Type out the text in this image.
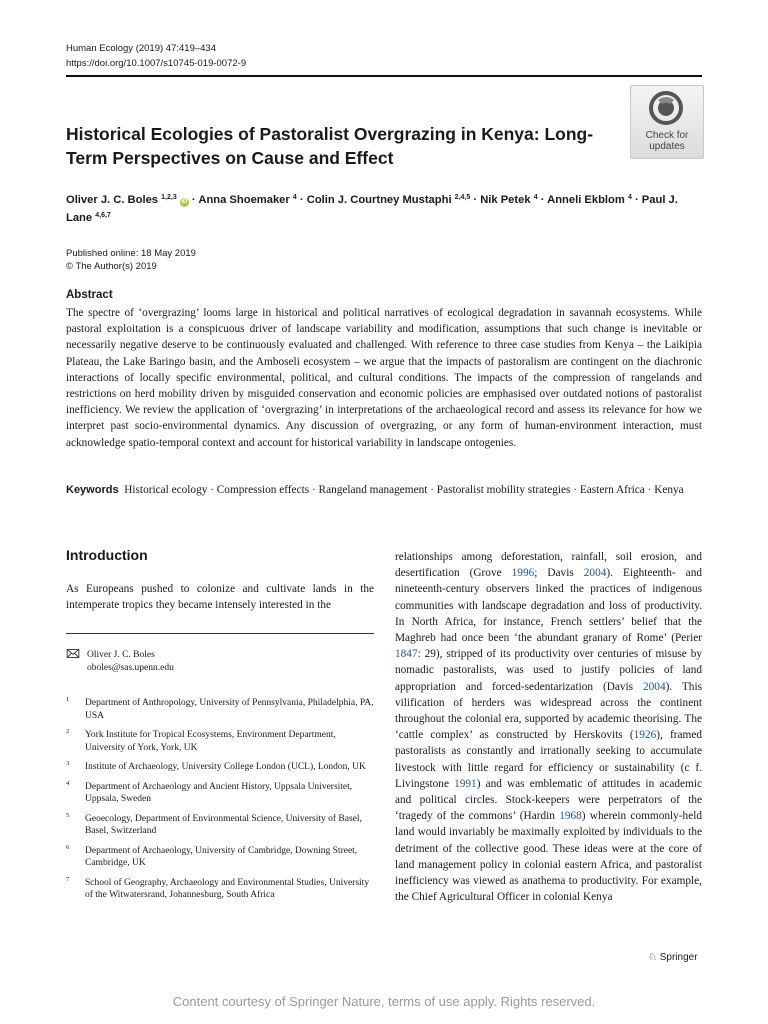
Human Ecology (2019) 47:419–434
https://doi.org/10.1007/s10745-019-0072-9
Check for
updates
Historical Ecologies of Pastoralist Overgrazing in Kenya: Long-Term Perspectives on Cause and Effect
Oliver J. C. Boles $^{1,2,3}$ iD · Anna Shoemaker $^4$ · Colin J. Courtney Mustaphi $^{2,4,5}$ · Nik Petek $^4$ · Anneli Ekblom $^4$ · Paul J. Lane $^{4,6,7}$
Published online: 18 May 2019
© The Author(s) 2019
Abstract
The spectre of ‘overgrazing’ looms large in historical and political narratives of ecological degradation in savannah ecosystems. While pastoral exploitation is a conspicuous driver of landscape variability and modification, assumptions that such change is inevitable or necessarily negative deserve to be continuously evaluated and challenged. With reference to three case studies from Kenya – the Laikipia Plateau, the Lake Baringo basin, and the Amboseli ecosystem – we argue that the impacts of pastoralism are contingent on the diachronic interactions of locally specific environmental, political, and cultural conditions. The impacts of the compression of rangelands and restrictions on herd mobility driven by misguided conservation and economic policies are emphasised over outdated notions of pastoralist inefficiency. We review the application of ‘overgrazing’ in interpretations of the archaeological record and assess its relevance for how we interpret past socio-environmental dynamics. Any discussion of overgrazing, or any form of human-environment interaction, must acknowledge spatio-temporal context and account for historical variability in landscape ontogenies.
Keywords Historical ecology · Compression effects · Rangeland management · Pastoralist mobility strategies · Eastern Africa · Kenya
Introduction
As Europeans pushed to colonize and cultivate lands in the intemperate tropics they became intensely interested in the
Oliver J. C. Boles
oboles@sas.upenn.edu
1 Department of Anthropology, University of Pennsylvania, Philadelphia, PA, USA
2 York Institute for Tropical Ecosystems, Environment Department, University of York, York, UK
3 Institute of Archaeology, University College London (UCL), London, UK
4 Department of Archaeology and Ancient History, Uppsala Universitet, Uppsala, Sweden
5 Geoecology, Department of Environmental Science, University of Basel, Basel, Switzerland
6 Department of Archaeology, University of Cambridge, Downing Street, Cambridge, UK
7 School of Geography, Archaeology and Environmental Studies, University of the Witwatersrand, Johannesburg, South Africa
relationships among deforestation, rainfall, soil erosion, and desertification (Grove 1996; Davis 2004). Eighteenth- and nineteenth-century observers linked the practices of indigenous communities with landscape degradation and loss of productivity. In North Africa, for instance, French settlers’ belief that the Maghreb had once been ‘the abundant granary of Rome’ (Perier 1847: 29), stripped of its productivity over centuries of misuse by nomadic pastoralists, was used to justify policies of land appropriation and forced-sedentarization (Davis 2004). This vilification of herders was widespread across the continent throughout the colonial era, supported by academic theorising. The ‘cattle complex’ as constructed by Herskovits (1926), framed pastoralists as constantly and irrationally seeking to accumulate livestock with little regard for efficiency or sustainability (c f. Livingstone 1991) and was emblematic of attitudes in academic and political circles. Stock-keepers were perpetrators of the ‘tragedy of the commons’ (Hardin 1968) wherein commonly-held land would invariably be maximally exploited by individuals to the detriment of the collective good. These ideas were at the core of land management policy in colonial eastern Africa, and pastoralist inefficiency was viewed as anathema to productivity. For example, the Chief Agricultural Officer in colonial Kenya
♘ Springer
Content courtesy of Springer Nature, terms of use apply. Rights reserved.
